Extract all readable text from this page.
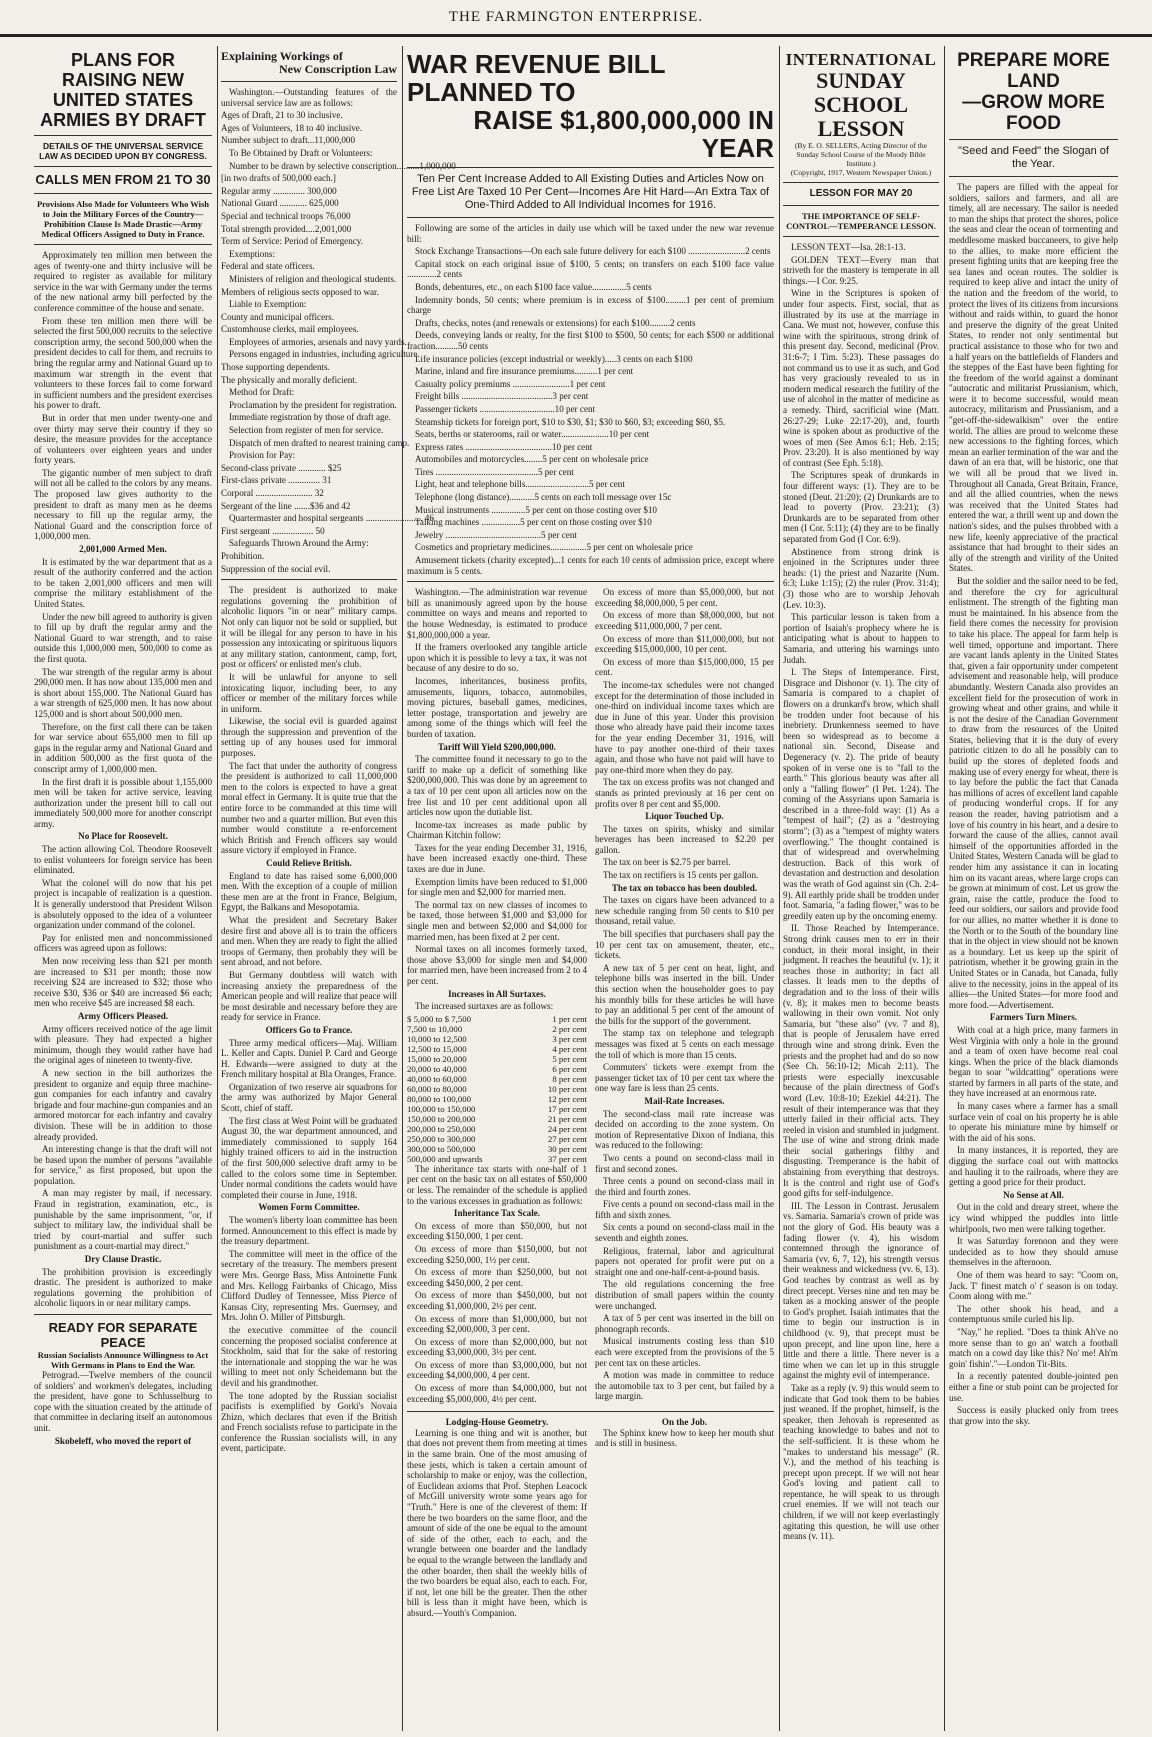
THE FARMINGTON ENTERPRISE.
PLANS FOR RAISING NEW UNITED STATES ARMIES BY DRAFT
DETAILS OF THE UNIVERSAL SERVICE LAW AS DECIDED UPON BY CONGRESS.
CALLS MEN FROM 21 TO 30
Provisions Also Made for Volunteers Who Wish to Join the Military Forces of the Country—Prohibition Clause Is Made Drastic—Army Medical Officers Assigned to Duty in France.

Approximately ten million men between the ages of twenty-one and thirty inclusive will be required to register as available for military service in the war with Germany under the terms of the new national army bill perfected by the conference committee of the house and senate.

From these ten million men there will be selected the first 500,000 recruits to the selective conscription army, the second 500,000 when the president decides to call for them, and recruits to bring the regular army and National Guard up to maximum war strength in the event that volunteers to these forces fail to come forward in sufficient numbers and the president exercises his power to draft.

But in order that men under twenty-one and over thirty may serve their country if they so desire, the measure provides for the acceptance of volunteers over eighteen years and under forty years.

The gigantic number of men subject to draft will not all be called to the colors by any means. The proposed law gives authority to the president to draft as many men as he deems necessary to fill up the regular army, the National Guard and the conscription force of 1,000,000 men.

2,001,000 Armed Men.

It is estimated by the war department that as a result of the authority conferred and the action to be taken 2,001,000 officers and men will comprise the military establishment of the United States.

Under the new bill agreed to authority is given to fill up by draft the regular army and the National Guard to war strength, and to raise outside this 1,000,000 men, 500,000 to come as the first quota.

The war strength of the regular army is about 290,000 men. It has now about 135,000 men and is short about 155,000. The National Guard has a war strength of 625,000 men. It has now about 125,000 and is short about 500,000 men.

Therefore, on the first call there can be taken for war service about 655,000 men to fill up gaps in the regular army and National Guard and in addition 500,000 as the first quota of the conscript army of 1,000,000 men.

In the first draft it is possible about 1,155,000 men will be taken for active service, leaving authorization under the present bill to call out immediately 500,000 more for another conscript army.

No Place for Roosevelt.

The action allowing Col. Theodore Roosevelt to enlist volunteers for foreign service has been eliminated.

What the colonel will do now that his pet project is incapable of realization is a question. It is generally understood that President Wilson is absolutely opposed to the idea of a volunteer organization under command of the colonel.

Pay for enlisted men and noncommissioned officers was agreed upon as follows:

Men now receiving less than $21 per month are increased to $31 per month; those now receiving $24 are increased to $32; those who receive $30, $36 or $40 are increased $6 each; men who receive $45 are increased $8 each.

Army Officers Pleased.

Army officers received notice of the age limit with pleasure. They had expected a higher minimum, though they would rather have had the original ages of nineteen to twenty-five.

A new section in the bill authorizes the president to organize and equip three machine-gun companies for each infantry and cavalry brigade and four machine-gun companies and an armored motorcar for each infantry and cavalry division. These will be in addition to those already provided.

An interesting change is that the draft will not be based upon the number of persons "available for service," as first proposed, but upon the population.

A man may register by mail, if necessary. Fraud in registration, examination, etc., is punishable by the same imprisonment, "or, if subject to military law, the individual shall be tried by court-martial and suffer such punishment as a court-martial may direct."

Dry Clause Drastic.

The prohibition provision is exceedingly drastic. The president is authorized to make regulations governing the prohibition of alcoholic liquors in or near military camps.

READY FOR SEPARATE PEACE
Russian Socialists Announce Willingness to Act With Germans in Plans to End the War.

Petrograd.—Twelve members of the council of soldiers' and workmen's delegates, including the president, have gone to Schlusselburg to cope with the situation created by the attitude of that committee in declaring itself an autonomous unit.

Skobeleff, who moved the report of
Explaining Workings of
New Conscription Law

Washington.—Outstanding features of the universal service law are as follows:

Ages of Draft, 21 to 30 inclusive.
Ages of Volunteers, 18 to 40 inclusive.
Number subject to draft...11,000,000

To Be Obtained by Draft or Volunteers:

Number to be drawn by selective conscription..........1,000,000

[in two drafts of 500,000 each.]
Regular army .............. 300,000
National Guard ............ 625,000
Special and technical troops 76,000
Total strength provided....2,001,000
Term of Service: Period of Emergency.

Exemptions:

Federal and state officers.

Ministers of religion and theological students.

Members of religious sects opposed to war.

Liable to Exemption:

County and municipal officers.
Customhouse clerks, mail employees.

Employees of armories, arsenals and navy yards.

Persons engaged in industries, including agriculture.

Those supporting dependents.
The physically and morally deficient.

Method for Draft:

Proclamation by the president for registration.

Immediate registration by those of draft age.

Selection from register of men for service.

Dispatch of men drafted to nearest training camp.

Provision for Pay:

Second-class private ............ $25
First-class private .............. 31
Corporal ......................... 32
Sergeant of the line .......$36 and 42

Quartermaster and hospital sergeants ......................... 46

First sergeant .................. 50

Safeguards Thrown Around the Army:

Prohibition.
Suppression of the social evil.

The president is authorized to make regulations governing the prohibition of alcoholic liquors "in or near" military camps. Not only can liquor not be sold or supplied, but it will be illegal for any person to have in his possession any intoxicating or spirituous liquors at any military station, cantonment, camp, fort, post or officers' or enlisted men's club.

It will be unlawful for anyone to sell intoxicating liquor, including beer, to any officer or member of the military forces while in uniform.

Likewise, the social evil is guarded against through the suppression and prevention of the setting up of any houses used for immoral purposes.

The fact that under the authority of congress the president is authorized to call 11,000,000 men to the colors is expected to have a great moral effect in Germany. It is quite true that the entire force to be commanded at this time will number two and a quarter million. But even this number would constitute a re-enforcement which British and French officers say would assure victory if employed in France.

Could Relieve British.

England to date has raised some 6,000,000 men. With the exception of a couple of million these men are at the front in France, Belgium, Egypt, the Balkans and Mesopotamia.

What the president and Secretary Baker desire first and above all is to train the officers and men. When they are ready to fight the allied troops of Germany, then probably they will be sent abroad, and not before.

But Germany doubtless will watch with increasing anxiety the preparedness of the American people and will realize that peace will be most desirable and necessary before they are ready for service in France.

Officers Go to France.

Three army medical officers—Maj. William L. Keller and Capts. Daniel P. Card and George H. Edwards—were assigned to duty at the French military hospital at Bla Oranges, France.

Organization of two reserve air squadrons for the army was authorized by Major General Scott, chief of staff.

The first class at West Point will be graduated August 30, the war department announced, and immediately commissioned to supply 164 highly trained officers to aid in the instruction of the first 500,000 selective draft army to be called to the colors some time in September. Under normal conditions the cadets would have completed their course in June, 1918.

Women Form Committee.

The women's liberty loan committee has been formed. Announcement to this effect is made by the treasury department.

The committee will meet in the office of the secretary of the treasury. The members present were Mrs. George Bass, Miss Antoinette Funk and Mrs. Kellogg Fairbanks of Chicago, Miss Clifford Dudley of Tennessee, Miss Pierce of Kansas City, representing Mrs. Guernsey, and Mrs. John O. Miller of Pittsburgh.

the executive committee of the council concerning the proposed socialist conference at Stockholm, said that for the sake of restoring the internationale and stopping the war he was willing to meet not only Scheidemann but the devil and his grandmother.

The tone adopted by the Russian socialist pacifists is exemplified by Gorki's Novaia Zhizn, which declares that even if the British and French socialists refuse to participate in the conference the Russian socialists will, in any event, participate.

WAR REVENUE BILL PLANNED TO
RAISE $1,800,000,000 IN YEAR
Ten Per Cent Increase Added to All Existing Duties and Articles Now on Free List Are Taxed 10 Per Cent—Incomes Are Hit Hard—An Extra Tax of One-Third Added to All Individual Incomes for 1916.

Following are some of the articles in daily use which will be taxed under the new war revenue bill:

Stock Exchange Transactions—On each sale future delivery for each $100 .........................2 cents

Capital stock on each original issue of $100, 5 cents; on transfers on each $100 face value .............2 cents

Bonds, debentures, etc., on each $100 face value...............5 cents

Indemnity bonds, 50 cents; where premium is in excess of $100.........1 per cent of premium charge

Drafts, checks, notes (and renewals or extensions) for each $100.........2 cents

Deeds, conveying lands or realty, for the first $100 to $500, 50 cents; for each $500 or additional fraction..........50 cents

Life insurance policies (except industrial or weekly).....3 cents on each $100

Marine, inland and fire insurance premiums..........1 per cent

Casualty policy premiums .........................1 per cent

Freight bills ........................................3 per cent

Passenger tickets .................................10 per cent

Steamship tickets for foreign port, $10 to $30, $1; $30 to $60, $3; exceeding $60, $5.

Seats, berths or staterooms, rail or water.....................10 per cent

Express rates ......................................10 per cent

Automobiles and motorcycles........5 per cent on wholesale price

Tires .............................................5 per cent

Light, heat and telephone bills............................5 per cent

Telephone (long distance)...........5 cents on each toll message over 15c

Musical instruments ...............5 per cent on those costing over $10

Talking machines .................5 per cent on those costing over $10

Jewelry ..........................................5 per cent

Cosmetics and proprietary medicines................5 per cent on wholesale price

Amusement tickets (charity excepted)...1 cents for each 10 cents of admission price, except where maximum is 5 cents.

Washington.—The administration war revenue bill as unanimously agreed upon by the house committee on ways and means and reported to the house Wednesday, is estimated to produce $1,800,000,000 a year.

If the framers overlooked any tangible article upon which it is possible to levy a tax, it was not because of any desire to do so.

Incomes, inheritances, business profits, amusements, liquors, tobacco, automobiles, moving pictures, baseball games, medicines, letter postage, transportation and jewelry are among some of the things which will feel the burden of taxation.

Tariff Will Yield $200,000,000.

The committee found it necessary to go to the tariff to make up a deficit of something like $200,000,000. This was done by an agreement to a tax of 10 per cent upon all articles now on the free list and 10 per cent additional upon all articles now upon the dutiable list.

Income-tax increases as made public by Chairman Kitchin follow:

Taxes for the year ending December 31, 1916, have been increased exactly one-third. These taxes are due in June.

Exemption limits have been reduced to $1,000 for single men and $2,000 for married men.

The normal tax on new classes of incomes to be taxed, those between $1,000 and $3,000 for single men and between $2,000 and $4,000 for married men, has been fixed at 2 per cent.

Normal taxes on all incomes formerly taxed, those above $3,000 for single men and $4,000 for married men, have been increased from 2 to 4 per cent.

Increases in All Surtaxes.

The increased surtaxes are as follows:

$ 5,000 to $ 7,500	1 per cent
7,500 to 10,000	2 per cent
10,000 to 12,500	3 per cent
12,500 to 15,000	4 per cent
15,000 to 20,000	5 per cent
20,000 to 40,000	6 per cent
40,000 to 60,000	8 per cent
60,000 to 80,000	10 per cent
80,000 to 100,000	12 per cent
100,000 to 150,000	17 per cent
150,000 to 200,000	21 per cent
200,000 to 250,000	24 per cent
250,000 to 300,000	27 per cent
300,000 to 500,000	30 per cent
500,000 and upwards	37 per cent

The inheritance tax starts with one-half of 1 per cent on the basic tax on all estates of $50,000 or less. The remainder of the schedule is applied to the various excesses in graduation as follows:

Inheritance Tax Scale.

On excess of more than $50,000, but not exceeding $150,000, 1 per cent.

On excess of more than $150,000, but not exceeding $250,000, 1½ per cent.

On excess of more than $250,000, but not exceeding $450,000, 2 per cent.

On excess of more than $450,000, but not exceeding $1,000,000, 2½ per cent.

On excess of more than $1,000,000, but not exceeding $2,000,000, 3 per cent.

On excess of more than $2,000,000, but not exceeding $3,000,000, 3½ per cent.

On excess of more than $3,000,000, but not exceeding $4,000,000, 4 per cent.

On excess of more than $4,000,000, but not exceeding $5,000,000, 4½ per cent.

On excess of more than $5,000,000, but not exceeding $8,000,000, 5 per cent.

On excess of more than $8,000,000, but not exceeding $11,000,000, 7 per cent.

On excess of more than $11,000,000, but not exceeding $15,000,000, 10 per cent.

On excess of more than $15,000,000, 15 per cent.

The income-tax schedules were not changed except for the determination of those included in one-third on individual income taxes which are due in June of this year. Under this provision those who already have paid their income taxes for the year ending December 31, 1916, will have to pay another one-third of their taxes again, and those who have not paid will have to pay one-third more when they do pay.

The tax on excess profits was not changed and stands as printed previously at 16 per cent on profits over 8 per cent and $5,000.

Liquor Touched Up.

The taxes on spirits, whisky and similar beverages has been increased to $2.20 per gallon.

The tax on beer is $2.75 per barrel.

The tax on rectifiers is 15 cents per gallon.

The tax on tobacco has been doubled.

The taxes on cigars have been advanced to a new schedule ranging from 50 cents to $10 per thousand, retail value.

The bill specifies that purchasers shall pay the 10 per cent tax on amusement, theater, etc., tickets.

A new tax of 5 per cent on heat, light, and telephone bills was inserted in the bill. Under this section when the householder goes to pay his monthly bills for these articles he will have to pay an additional 5 per cent of the amount of the bills for the support of the government.

The stamp tax on telephone and telegraph messages was fixed at 5 cents on each message the toll of which is more than 15 cents.

Commuters' tickets were exempt from the passenger ticket tax of 10 per cent tax where the one way fare is less than 25 cents.

Mail-Rate Increases.

The second-class mail rate increase was decided on according to the zone system. On motion of Representative Dixon of Indiana, this was reduced to the following:

Two cents a pound on second-class mail in first and second zones.

Three cents a pound on second-class mail in the third and fourth zones.

Five cents a pound on second-class mail in the fifth and sixth zones.

Six cents a pound on second-class mail in the seventh and eighth zones.

Religious, fraternal, labor and agricultural papers not operated for profit were put on a straight one and one-half-cent-a-pound basis.

The old regulations concerning the free distribution of small papers within the county were unchanged.

A tax of 5 per cent was inserted in the bill on phonograph records.

Musical instruments costing less than $10 each were excepted from the provisions of the 5 per cent tax on these articles.

A motion was made in committee to reduce the automobile tax to 3 per cent, but failed by a large margin.

Lodging-House Geometry.

Learning is one thing and wit is another, but that does not prevent them from meeting at times in the same brain. One of the most amusing of these jests, which is taken a certain amount of scholarship to make or enjoy, was the collection, of Euclidean axioms that Prof. Stephen Leacock of McGill university wrote some years ago for "Truth." Here is one of the cleverest of them: If there be two boarders on the same floor, and the amount of side of the one be equal to the amount of side of the other, each to each, and the wrangle between one boarder and the landlady be equal to the wrangle between the landlady and the other boarder, then shall the weekly bills of the two boarders be equal also, each to each. For, if not, let one bill be the greater. Then the other bill is less than it might have been, which is absurd.—Youth's Companion.

On the Job.

The Sphinx knew how to keep her mouth shut and is still in business.

INTERNATIONAL
SUNDAY SCHOOL
LESSON
(By E. O. SELLERS, Acting Director of the Sunday School Course of the Moody Bible Institute.)
(Copyright, 1917, Western Newspaper Union.)
LESSON FOR MAY 20
THE IMPORTANCE OF SELF-CONTROL—TEMPERANCE LESSON.

LESSON TEXT—Isa. 28:1-13.

GOLDEN TEXT—Every man that striveth for the mastery is temperate in all things.—I Cor. 9:25.

Wine in the Scriptures is spoken of under four aspects. First, social, that as illustrated by its use at the marriage in Cana. We must not, however, confuse this wine with the spirituous, strong drink of this present day. Second, medicinal (Prov. 31:6-7; I Tim. 5:23). These passages do not command us to use it as such, and God has very graciously revealed to us in modern medical research the futility of the use of alcohol in the matter of medicine as a remedy. Third, sacrificial wine (Matt. 26:27-29; Luke 22:17-20), and, fourth wine is spoken about as productive of the woes of men (See Amos 6:1; Heb. 2:15; Prov. 23:20). It is also mentioned by way of contrast (See Eph. 5:18).

The Scriptures speak of drunkards in four different ways: (1). They are to be stoned (Deut. 21:20); (2) Drunkards are to lead to poverty (Prov. 23:21); (3) Drunkards are to be separated from other men (I Cor. 5:11); (4) they are to be finally separated from God (I Cor. 6:9).

Abstinence from strong drink is enjoined in the Scriptures under three heads: (1) the priest and Nazarite (Num. 6:3; Luke 1:15); (2) the ruler (Prov. 31:4); (3) those who are to worship Jehovah (Lev. 10:3).

This particular lesson is taken from a portion of Isaiah's prophecy where he is anticipating what is about to happen to Samaria, and uttering his warnings unto Judah.

I. The Steps of Intemperance. First, Disgrace and Dishonor (v. 1). The city of Samaria is compared to a chaplet of flowers on a drunkard's brow, which shall be trodden under foot because of his inebriety. Drunkenness seemed to have been so widespread as to become a national sin. Second, Disease and Degeneracy (v. 2). The pride of beauty spoken of in verse one is to "fall to the earth." This glorious beauty was after all only a "falling flower" (I Pet. 1:24). The coming of the Assyrians upon Samaria is described in a three-fold way: (1) As a "tempest of hail"; (2) as a "destroying storm"; (3) as a "tempest of mighty waters overflowing." The thought contained is that of widespread and overwhelming destruction. Back of this work of devastation and destruction and desolation was the wrath of God against sin (Ch. 2:4-9). All earthly pride shall be trodden under foot. Samaria, "a fading flower," was to be greedily eaten up by the oncoming enemy.

II. Those Reached by Intemperance. Strong drink causes men to err in their conduct, in their moral insight, in their judgment. It reaches the beautiful (v. 1); it reaches those in authority; in fact all classes. It leads men to the depths of degradation and to the loss of their wills (v. 8); it makes men to become beasts wallowing in their own vomit. Not only Samaria, but "these also" (vv. 7 and 8), that is people of Jerusalem have erred through wine and strong drink. Even the priests and the prophet had and do so now (See Ch. 56:10-12; Micah 2:11). The priests were especially inexcusable because of the plain directness of God's word (Lev. 10:8-10; Ezekiel 44:21). The result of their intemperance was that they utterly failed in their official acts. They reeled in vision and stumbled in judgment. The use of wine and strong drink made their social gatherings filthy and disgusting. Tremperance is the habit of abstaining from everything that destroys. It is the control and right use of God's good gifts for self-indulgence.

III. The Lesson in Contrast. Jerusalem vs. Samaria. Samaria's crown of pride was not the glory of God. His beauty was a fading flower (v. 4), his wisdom contemned through the ignorance of Samaria (vv. 6, 7, 12), his strength versus their weakness and wickedness (vv. 6, 13). God teaches by contrast as well as by direct precept. Verses nine and ten may be taken as a mocking answer of the people to God's prophet. Isaiah intimates that the time to begin our instruction is in childhood (v. 9), that precept must be upon precept, and line upon line, here a little and there a little. There never is a time when we can let up in this struggle against the mighty evil of intemperance.

Take as a reply (v. 9) this would seem to indicate that God took them to be babies just weaned. If the prophet, himself, is the speaker, then Jehovah is represented as teaching knowledge to babes and not to the self-sufficient. It is these whom he "makes to understand his message" (R. V.), and the method of his teaching is precept upon precept. If we will not hear God's loving and patient call to repentance, he will speak to us through cruel enemies. If we will not teach our children, if we will not keep everlastingly agitating this question, he will use other means (v. 11).

PREPARE MORE LAND
—GROW MORE FOOD
"Seed and Feed" the Slogan of the Year.

The papers are filled with the appeal for soldiers, sailors and farmers, and all are timely, all are necessary. The sailor is needed to man the ships that protect the shores, police the seas and clear the ocean of tormenting and meddlesome masked buccaneers, to give help to the allies, to make more efficient the present fighting units that are keeping free the sea lanes and ocean routes. The soldier is required to keep alive and intact the unity of the nation and the freedom of the world, to protect the lives of its citizens from incursions without and raids within, to guard the honor and preserve the dignity of the great United States, to render not only sentimental but practical assistance to those who for two and a half years on the battlefields of Flanders and the steppes of the East have been fighting for the freedom of the world against a dominant "autocratic and militarist Prussianism, which, were it to become successful, would mean autocracy, militarism and Prussianism, and a "get-off-the-sidewalkism" over the entire world. The allies are proud to welcome these new accessions to the fighting forces, which mean an earlier termination of the war and the dawn of an era that, will be historic, one that we will all be proud that we lived in. Throughout all Canada, Great Britain, France, and all the allied countries, when the news was received that the United States had entered the war, a thrill went up and down the nation's sides, and the pulses throbbed with a new life, keenly appreciative of the practical assistance that had brought to their sides an ally of the strength and virility of the United States.

But the soldier and the sailor need to be fed, and therefore the cry for agricultural enlistment. The strength of the fighting man must be maintained. In his absence from the field there comes the necessity for provision to take his place. The appeal for farm help is well timed, opportune and important. There are vacant lands aplenty in the United States that, given a fair opportunity under competent advisement and reasonable help, will produce abundantly. Western Canada also provides an excellent field for the prosecution of work in growing wheat and other grains, and while it is not the desire of the Canadian Government to draw from the resources of the United States, believing that it is the duty of every patriotic citizen to do all he possibly can to build up the stores of depleted foods and making use of every energy for wheat, there is to lay before the public the fact that Canada has millions of acres of excellent land capable of producing wonderful crops. If for any reason the reader, having patriotism and a love of his country in his heart, and a desire to forward the cause of the allies, cannot avail himself of the opportunities afforded in the United States, Western Canada will be glad to render him any assistance it can in locating him on its vacant areas, where large crops can be grown at minimum of cost. Let us grow the grain, raise the cattle, produce the food to feed our soldiers, our sailors and provide food for our allies, no matter whether it is done to the North or to the South of the boundary line that in the object in view should not be known as a boundary. Let us keep up the spirit of patriotism, whether it be growing grain in the United States or in Canada, but Canada, fully alive to the necessity, joins in the appeal of its allies—the United States—for more food and more food.—Advertisement.

Farmers Turn Miners.

With coal at a high price, many farmers in West Virginia with only a hole in the ground and a team of oxen have become real coal kings. When the price of the black diamonds began to soar "wildcatting" operations were started by farmers in all parts of the state, and they have increased at an enormous rate.

In many cases where a farmer has a small surface vein of coal on his property he is able to operate his miniature mine by himself or with the aid of his sons.

In many instances, it is reported, they are digging the surface coal out with mattocks and hauling it to the railroads, where they are getting a good price for their product.

No Sense at All.

Out in the cold and dreary street, where the icy wind whipped the puddles into little whirlpools, two men were talking together.

It was Saturday forenoon and they were undecided as to how they should amuse themselves in the afternoon.

One of them was heard to say: "Coom on, Jack. T' finest match o' t' season is on today. Coom along with me."

The other shook his head, and a contemptuous smile curled his lip.

"Nay," he replied. "Does ta think Ah've no more sense than to go an' watch a football match on a cowd day like this? No' me! Ah'm goin' fishin'."—London Tit-Bits.

In a recently patented double-jointed pen either a fine or stub point can be projected for use.

Success is easily plucked only from trees that grow into the sky.
